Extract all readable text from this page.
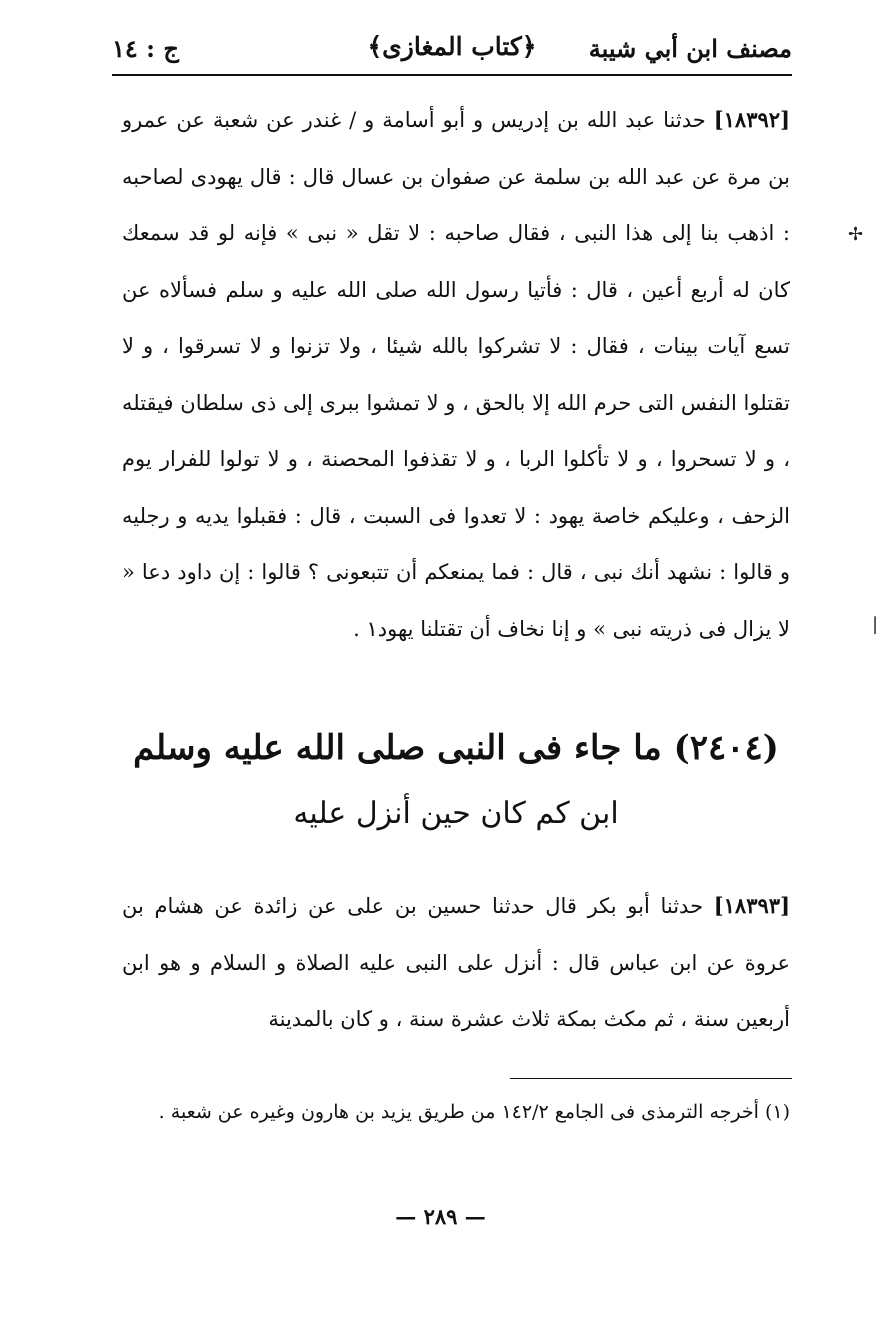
مصنف ابن أبي شيبة
﴿كتاب المغازى﴾
ج : ١٤
✢
|

[١٨٣٩٢] حدثنا عبد الله بن إدريس و أبو أسامة و / غندر عن شعبة عن عمرو بن مرة عن عبد الله بن سلمة عن صفوان بن عسال قال : قال يهودى لصاحبه : اذهب بنا إلى هذا النبى ، فقال صاحبه : لا تقل « نبى » فإنه لو قد سمعك كان له أربع أعين ، قال : فأتيا رسول الله صلى الله عليه و سلم فسألاه عن تسع آيات بينات ، فقال : لا تشركوا بالله شيئا ، ولا تزنوا و لا تسرقوا ، و لا تقتلوا النفس التى حرم الله إلا بالحق ، و لا تمشوا ببرى إلى ذى سلطان فيقتله ، و لا تسحروا ، و لا تأكلوا الربا ، و لا تقذفوا المحصنة ، و لا تولوا للفرار يوم الزحف ، وعليكم خاصة يهود : لا تعدوا فى السبت ، قال : فقبلوا يديه و رجليه و قالوا : نشهد أنك نبى ، قال : فما يمنعكم أن تتبعونى ؟ قالوا : إن داود دعا « لا يزال فى ذريته نبى » و إنا نخاف أن تقتلنا يهود١ .

(٢٤٠٤) ما جاء فى النبى صلى الله عليه وسلم
ابن كم كان حين أنزل عليه

[١٨٣٩٣] حدثنا أبو بكر قال حدثنا حسين بن على عن زائدة عن هشام بن عروة عن ابن عباس قال : أنزل على النبى عليه الصلاة و السلام و هو ابن أربعين سنة ، ثم مكث بمكة ثلاث عشرة سنة ، و كان بالمدينة

(١) أخرجه الترمذى فى الجامع ١٤٢/٢ من طريق يزيد بن هارون وغيره عن شعبة .
— ٢٨٩ —
